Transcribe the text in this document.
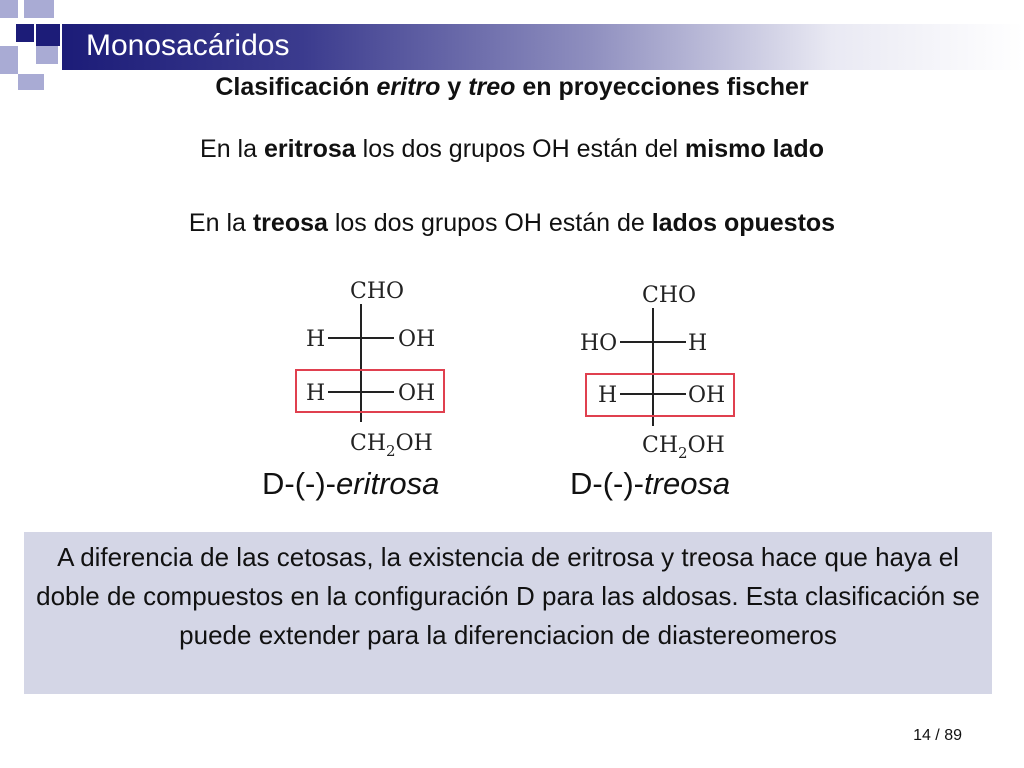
Monosacáridos
Clasificación eritro y treo en proyecciones fischer
En la eritrosa los dos grupos OH están del mismo lado
En la treosa los dos grupos OH están de lados opuestos
CHO
H	OH
H	OH
$CH_2OH$
CHO
HO	H
H	OH
$CH_2OH$
D-(-)-eritrosa	D-(-)-treosa
A diferencia de las cetosas, la existencia de eritrosa y treosa hace que haya el doble de compuestos en la configuración D para las aldosas. Esta clasificación se puede extender para la diferenciacion de diastereomeros
14 / 89
